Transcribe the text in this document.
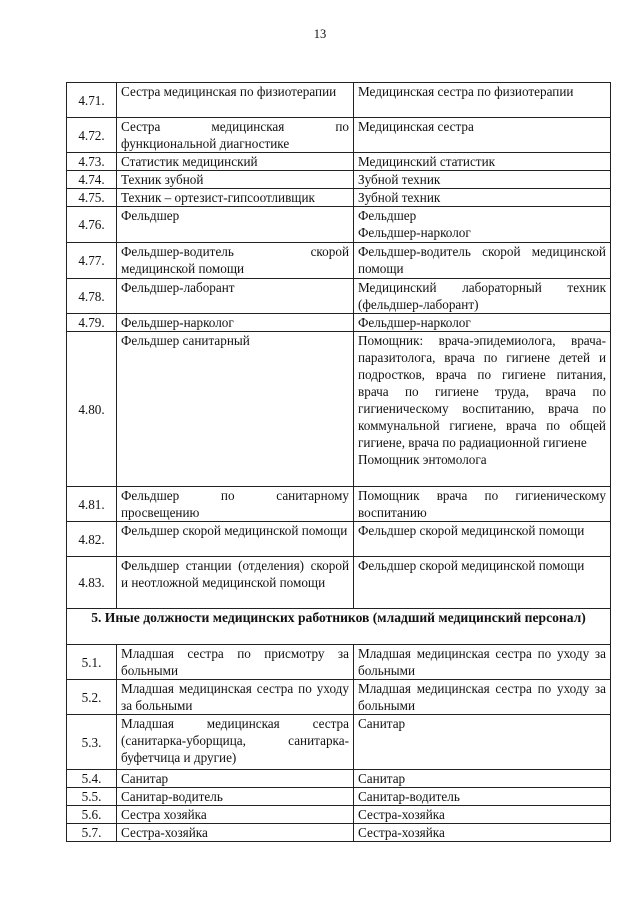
13
4.71.	Сестра медицинская по физиотерапии	Медицинская сестра по физиотерапии
4.72.	Сестра медицинская по функциональной диагностике	Медицинская сестра
4.73.	Статистик медицинский	Медицинский статистик
4.74.	Техник зубной	Зубной техник
4.75.	Техник – ортезист-гипсоотливщик	Зубной техник
4.76.	Фельдшер	Фельдшер
Фельдшер-нарколог

4.77.	Фельдшер-водитель скорой медицинской помощи	Фельдшер-водитель скорой медицинской помощи
4.78.	Фельдшер-лаборант	Медицинский лабораторный техник (фельдшер-лаборант)
4.79.	Фельдшер-нарколог	Фельдшер-нарколог
4.80.	Фельдшер санитарный	Помощник: врача-эпидемиолога, врача-паразитолога, врача по гигиене детей и подростков, врача по гигиене питания, врача по гигиене труда, врача по гигиеническому воспитанию, врача по коммунальной гигиене, врача по общей гигиене, врача по радиационной гигиене
Помощник энтомолога

4.81.	Фельдшер по санитарному просвещению	Помощник врача по гигиеническому воспитанию
4.82.	Фельдшер скорой медицинской помощи	Фельдшер скорой медицинской помощи
4.83.	Фельдшер станции (отделения) скорой и неотложной медицинской помощи	Фельдшер скорой медицинской помощи
5. Иные должности медицинских работников (младший медицинский персонал)		
5.1.	Младшая сестра по присмотру за больными	Младшая медицинская сестра по уходу за больными
5.2.	Младшая медицинская сестра по уходу за больными	Младшая медицинская сестра по уходу за больными
5.3.	Младшая медицинская сестра (санитарка-уборщица, санитарка-буфетчица и другие)	Санитар
5.4.	Санитар	Санитар
5.5.	Санитар-водитель	Санитар-водитель
5.6.	Сестра хозяйка	Сестра-хозяйка
5.7.	Сестра-хозяйка	Сестра-хозяйка
